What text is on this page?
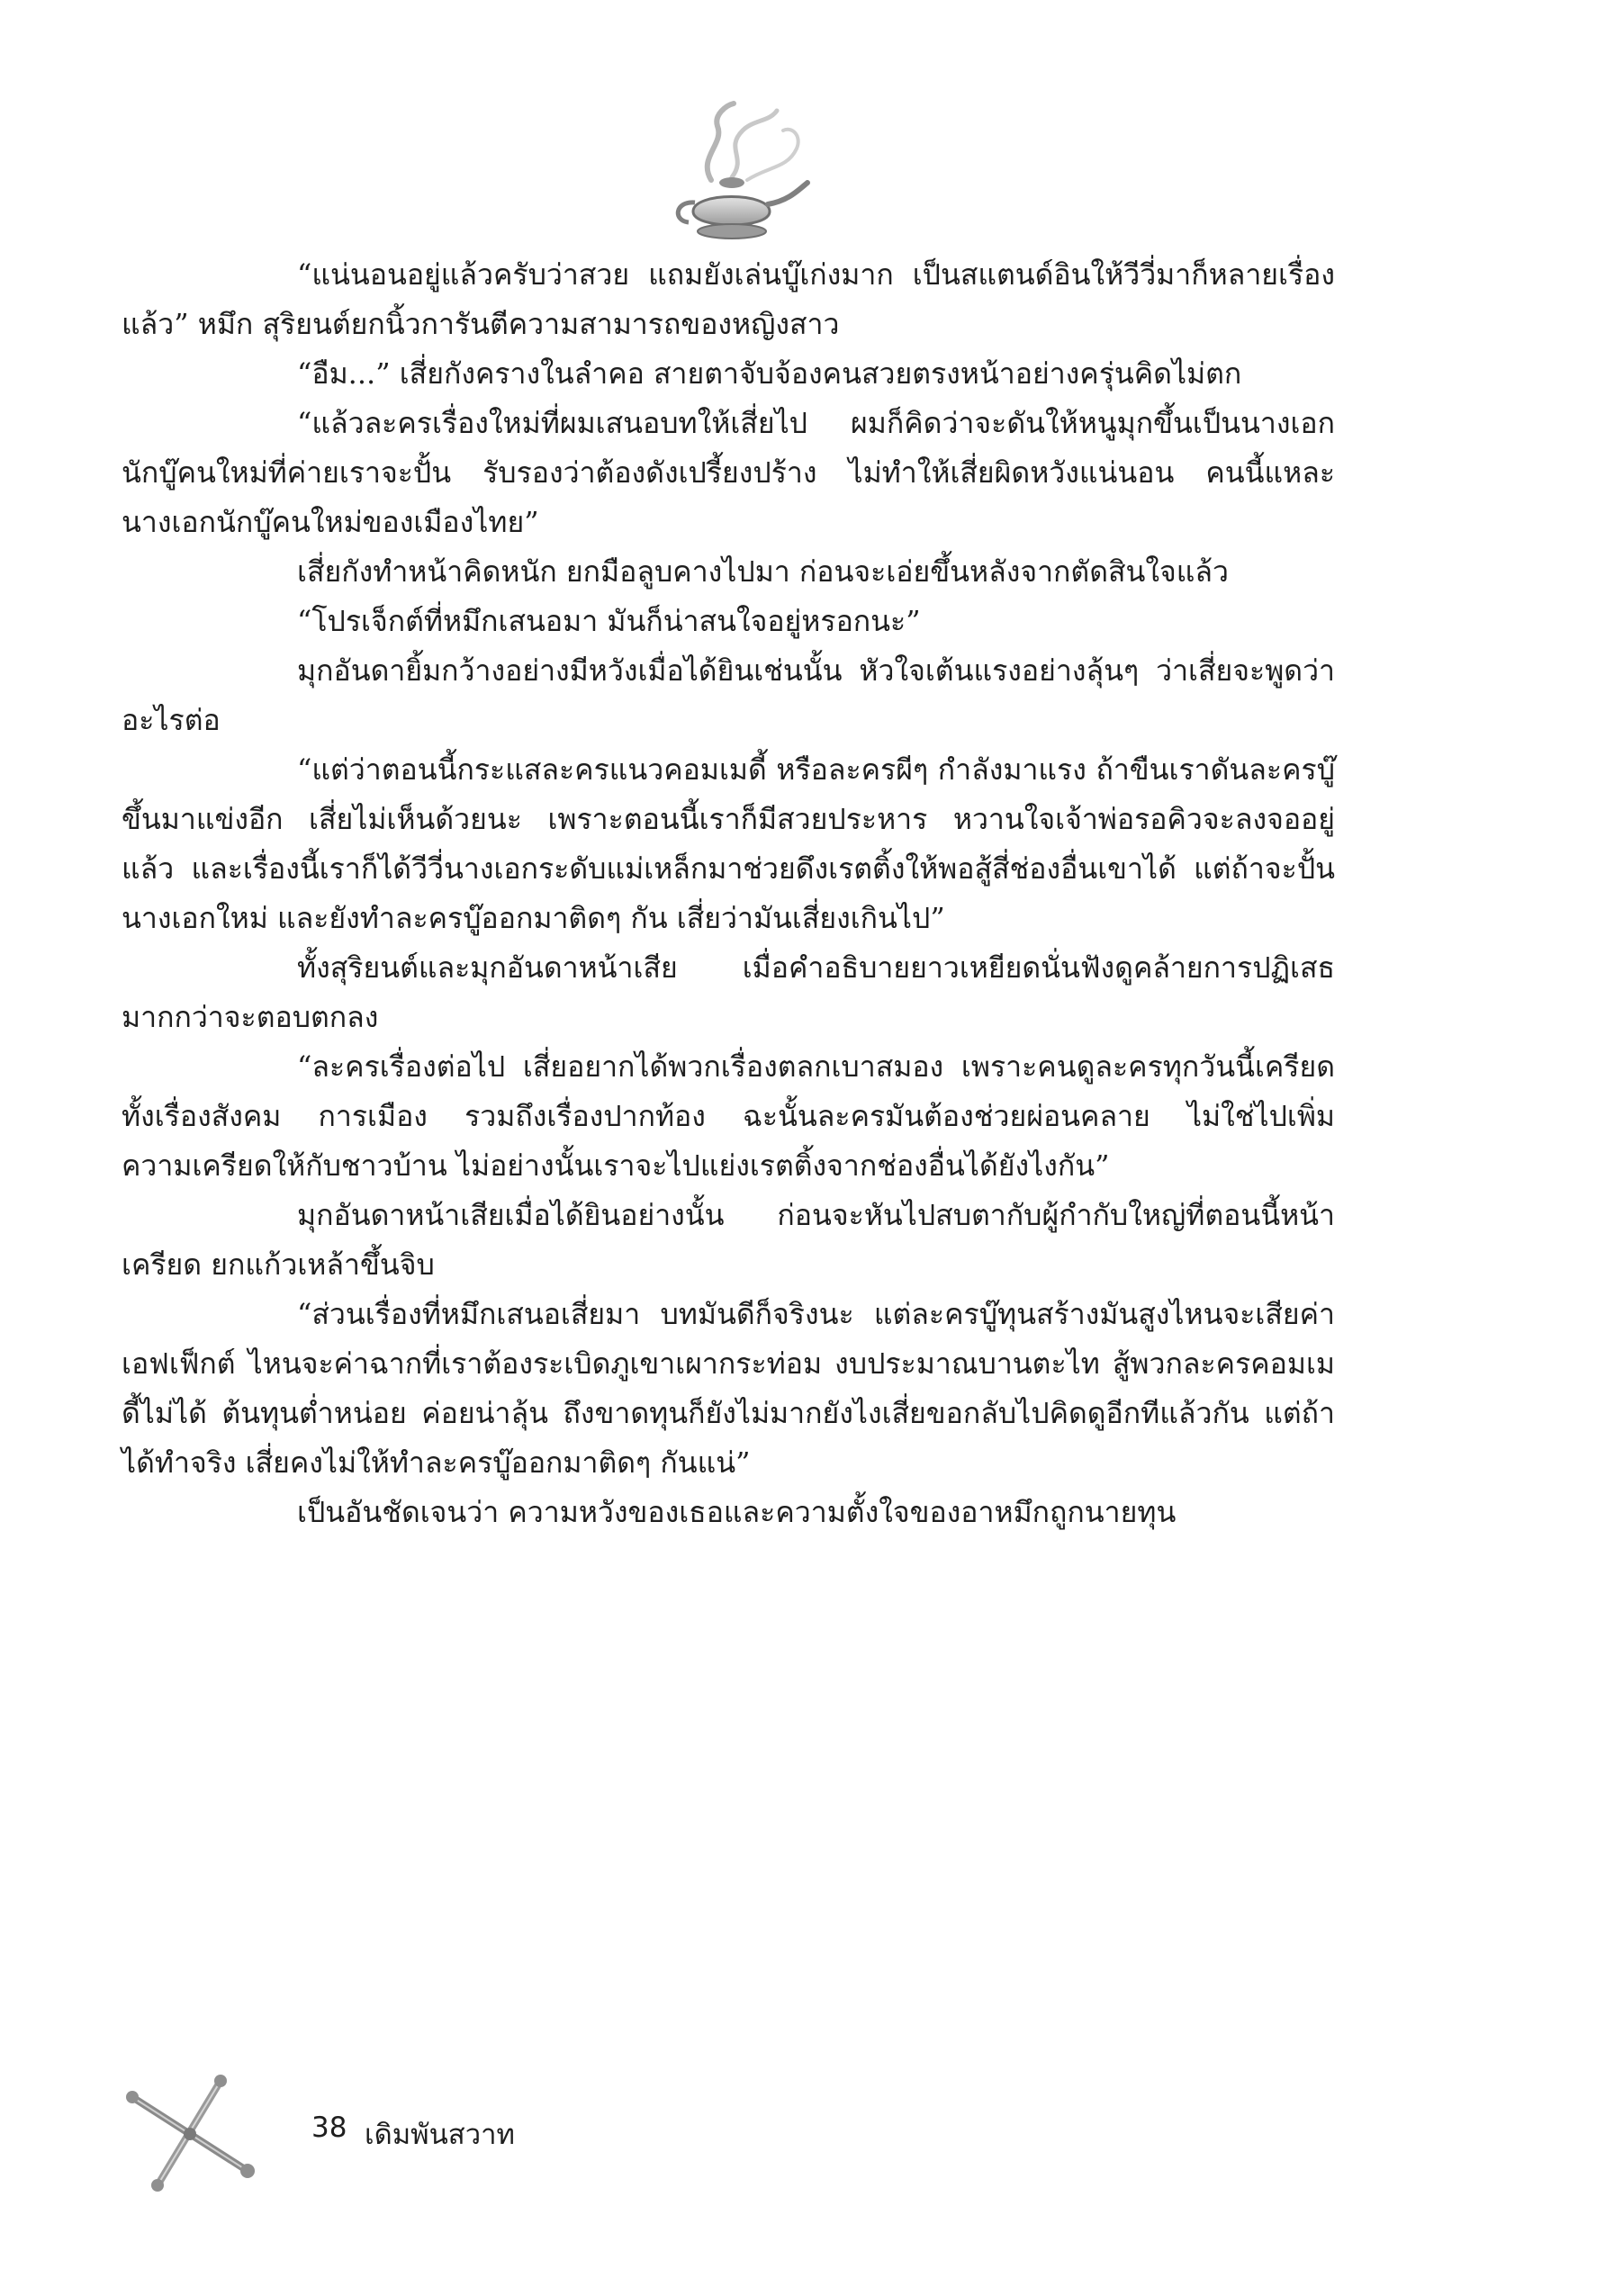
“แน่นอนอยู่แล้วครับว่าสวย แถมยังเล่นบู๊เก่งมาก เป็นสแตนด์อินให้วีวี่มาก็หลายเรื่องแล้ว” หมึก สุริยนต์ยกนิ้วการันตีความสามารถของหญิงสาว

“อืม...” เสี่ยกังครางในลำคอ สายตาจับจ้องคนสวยตรงหน้าอย่างครุ่นคิดไม่ตก

“แล้วละครเรื่องใหม่ที่ผมเสนอบทให้เสี่ยไป ผมก็คิดว่าจะดันให้หนูมุกขึ้นเป็นนางเอกนักบู๊คนใหม่ที่ค่ายเราจะปั้น รับรองว่าต้องดังเปรี้ยงปร้าง ไม่ทำให้เสี่ยผิดหวังแน่นอน คนนี้แหละนางเอกนักบู๊คนใหม่ของเมืองไทย”

เสี่ยกังทำหน้าคิดหนัก ยกมือลูบคางไปมา ก่อนจะเอ่ยขึ้นหลังจากตัดสินใจแล้ว

“โปรเจ็กต์ที่หมึกเสนอมา มันก็น่าสนใจอยู่หรอกนะ”

มุกอันดายิ้มกว้างอย่างมีหวังเมื่อได้ยินเช่นนั้น หัวใจเต้นแรงอย่างลุ้นๆ ว่าเสี่ยจะพูดว่าอะไรต่อ

“แต่ว่าตอนนี้กระแสละครแนวคอมเมดี้ หรือละครผีๆ กำลังมาแรง ถ้าขืนเราดันละครบู๊ขึ้นมาแข่งอีก เสี่ยไม่เห็นด้วยนะ เพราะตอนนี้เราก็มีสวยประหาร หวานใจเจ้าพ่อรอคิวจะลงจออยู่แล้ว และเรื่องนี้เราก็ได้วีวี่นางเอกระดับแม่เหล็กมาช่วยดึงเรตติ้งให้พอสู้สี่ช่องอื่นเขาได้ แต่ถ้าจะปั้นนางเอกใหม่ และยังทำละครบู๊ออกมาติดๆ กัน เสี่ยว่ามันเสี่ยงเกินไป”

ทั้งสุริยนต์และมุกอันดาหน้าเสีย เมื่อคำอธิบายยาวเหยียดนั่นฟังดูคล้ายการปฏิเสธมากกว่าจะตอบตกลง

“ละครเรื่องต่อไป เสี่ยอยากได้พวกเรื่องตลกเบาสมอง เพราะคนดูละครทุกวันนี้เครียดทั้งเรื่องสังคม การเมือง รวมถึงเรื่องปากท้อง ฉะนั้นละครมันต้องช่วยผ่อนคลาย ไม่ใช่ไปเพิ่มความเครียดให้กับชาวบ้าน ไม่อย่างนั้นเราจะไปแย่งเรตติ้งจากช่องอื่นได้ยังไงกัน”

มุกอันดาหน้าเสียเมื่อได้ยินอย่างนั้น ก่อนจะหันไปสบตากับผู้กำกับใหญ่ที่ตอนนี้หน้าเครียด ยกแก้วเหล้าขึ้นจิบ

“ส่วนเรื่องที่หมึกเสนอเสี่ยมา บทมันดีก็จริงนะ แต่ละครบู๊ทุนสร้างมันสูงไหนจะเสียค่าเอฟเฟ็กต์ ไหนจะค่าฉากที่เราต้องระเบิดภูเขาเผากระท่อม งบประมาณบานตะไท สู้พวกละครคอมเมดี้ไม่ได้ ต้นทุนต่ำหน่อย ค่อยน่าลุ้น ถึงขาดทุนก็ยังไม่มากยังไงเสี่ยขอกลับไปคิดดูอีกทีแล้วกัน แต่ถ้าได้ทำจริง เสี่ยคงไม่ให้ทำละครบู๊ออกมาติดๆ กันแน่”

เป็นอันชัดเจนว่า ความหวังของเธอและความตั้งใจของอาหมึกถูกนายทุน

38 เดิมพันสวาท
